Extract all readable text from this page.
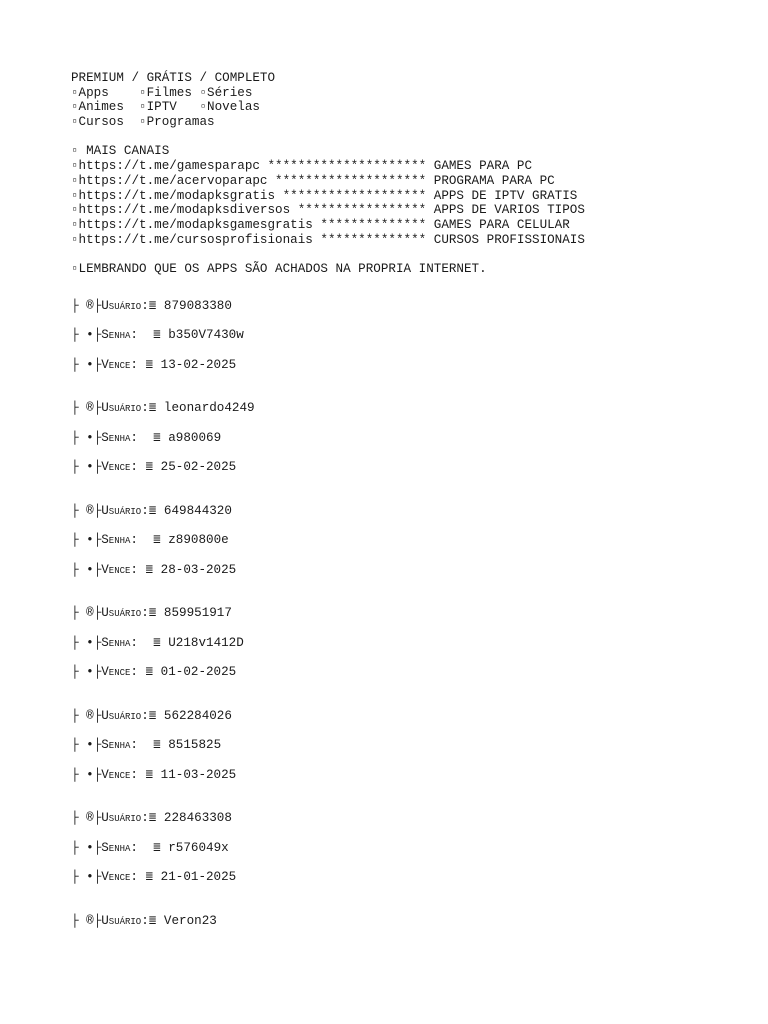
PREMIUM / GRÁTIS / COMPLETO
▫Apps    ▫Filmes ▫Séries
▫Animes  ▫IPTV   ▫Novelas
▫Cursos  ▫Programas
▫ MAIS CANAIS
▫https://t.me/gamesparapc ********************* GAMES PARA PC
▫https://t.me/acervoparapc ******************** PROGRAMA PARA PC
▫https://t.me/modapksgratis ******************* APPS DE IPTV GRATIS
▫https://t.me/modapksdiversos ***************** APPS DE VARIOS TIPOS
▫https://t.me/modapksgamesgratis ************** GAMES PARA CELULAR
▫https://t.me/cursosprofisionais ************** CURSOS PROFISSIONAIS
▫LEMBRANDO QUE OS APPS SÃO ACHADOS NA PROPRIA INTERNET.
├ ®├Usuário:≣ 879083380
├ •├Senha:  ≣ b350V7430w
├ •├Vence: ≣ 13-02-2025
├ ®├Usuário:≣ leonardo4249
├ •├Senha:  ≣ a980069
├ •├Vence: ≣ 25-02-2025
├ ®├Usuário:≣ 649844320
├ •├Senha:  ≣ z890800e
├ •├Vence: ≣ 28-03-2025
├ ®├Usuário:≣ 859951917
├ •├Senha:  ≣ U218v1412D
├ •├Vence: ≣ 01-02-2025
├ ®├Usuário:≣ 562284026
├ •├Senha:  ≣ 8515825
├ •├Vence: ≣ 11-03-2025
├ ®├Usuário:≣ 228463308
├ •├Senha:  ≣ r576049x
├ •├Vence: ≣ 21-01-2025
├ ®├Usuário:≣ Veron23
